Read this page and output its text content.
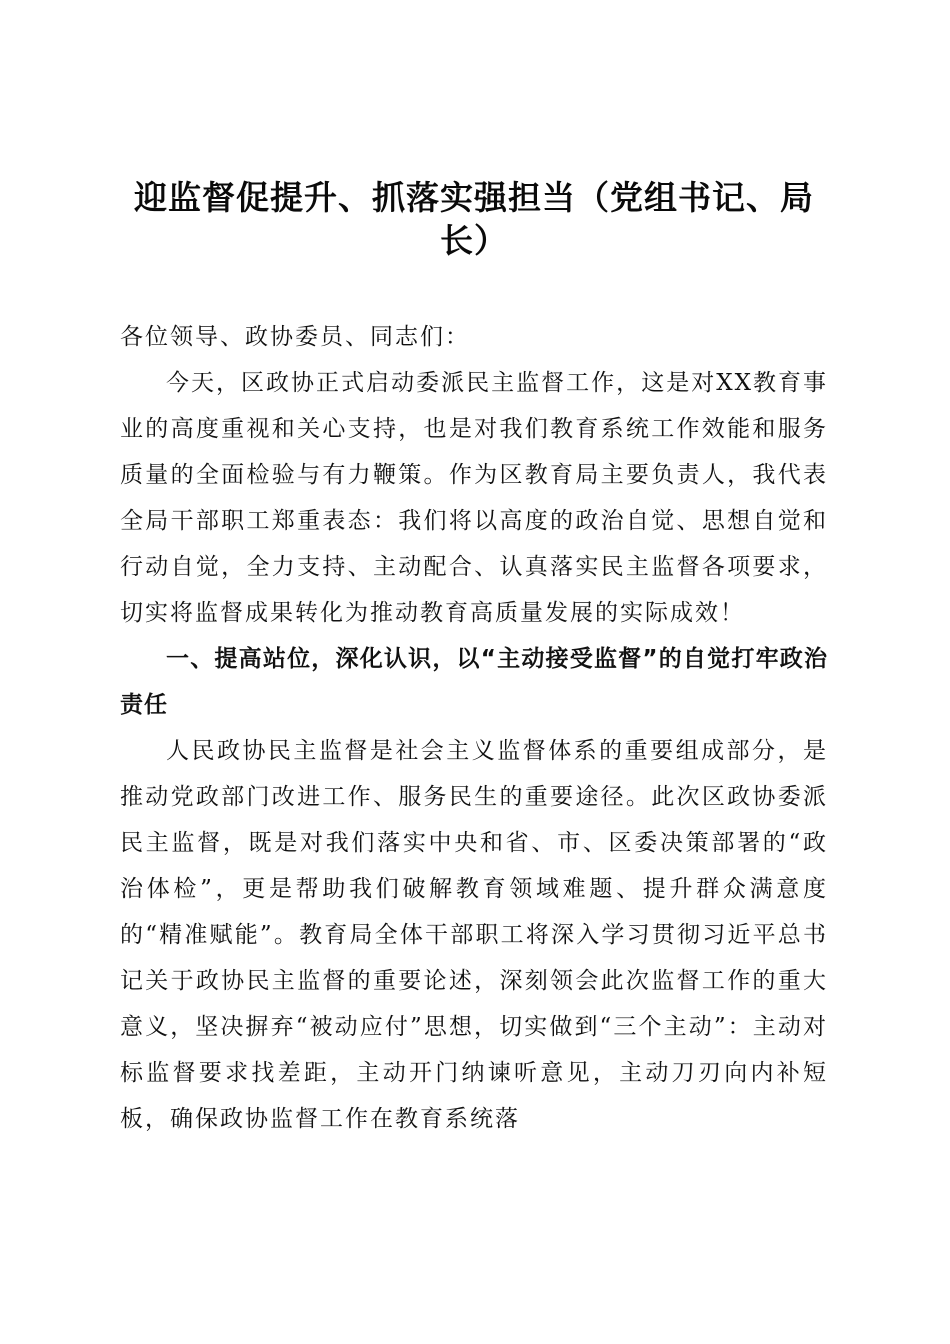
迎监督促提升、抓落实强担当（党组书记、局长）

各位领导、政协委员、同志们：

今天，区政协正式启动委派民主监督工作，这是对XX教育事业的高度重视和关心支持，也是对我们教育系统工作效能和服务质量的全面检验与有力鞭策。作为区教育局主要负责人，我代表全局干部职工郑重表态：我们将以高度的政治自觉、思想自觉和行动自觉，全力支持、主动配合、认真落实民主监督各项要求，切实将监督成果转化为推动教育高质量发展的实际成效！

一、提高站位，深化认识，以“主动接受监督”的自觉打牢政治责任

人民政协民主监督是社会主义监督体系的重要组成部分，是推动党政部门改进工作、服务民生的重要途径。此次区政协委派民主监督，既是对我们落实中央和省、市、区委决策部署的“政治体检”，更是帮助我们破解教育领域难题、提升群众满意度的“精准赋能”。教育局全体干部职工将深入学习贯彻习近平总书记关于政协民主监督的重要论述，深刻领会此次监督工作的重大意义，坚决摒弃“被动应付”思想，切实做到“三个主动”：主动对标监督要求找差距，主动开门纳谏听意见，主动刀刃向内补短板，确保政协监督工作在教育系统落
